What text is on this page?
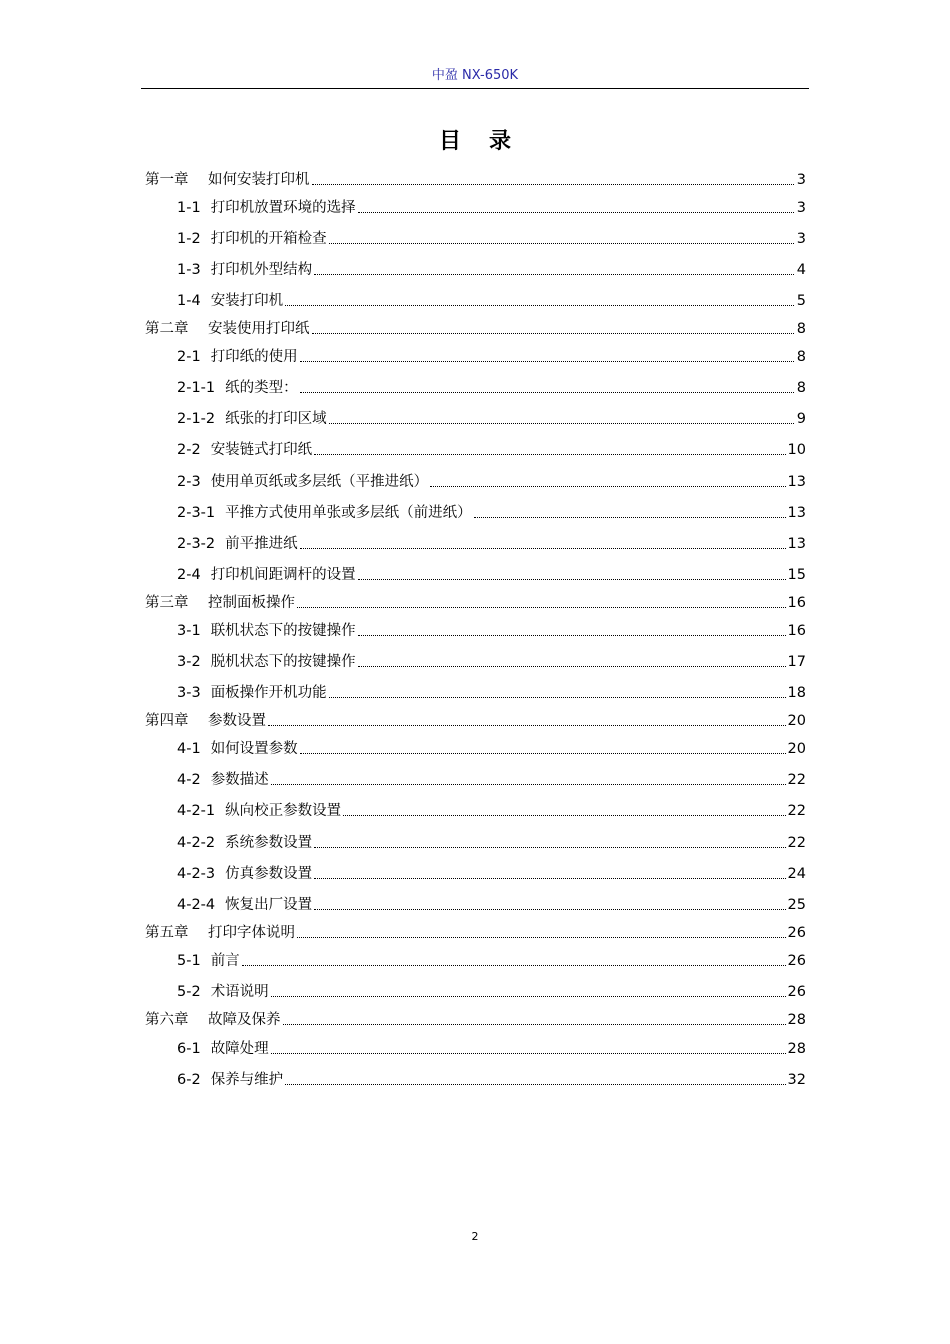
中盈 NX-650K
目录
第一章	如何安装打印机	3
1-1 打印机放置环境的选择	3
1-2 打印机的开箱检查	3
1-3 打印机外型结构	4
1-4 安装打印机	5
第二章	安装使用打印纸	8
2-1 打印纸的使用	8
2-1-1 纸的类型：	8
2-1-2 纸张的打印区域	9
2-2 安装链式打印纸	10
2-3 使用单页纸或多层纸（平推进纸）	13
2-3-1 平推方式使用单张或多层纸（前进纸）	13
2-3-2 前平推进纸	13
2-4 打印机间距调杆的设置	15
第三章	控制面板操作	16
3-1 联机状态下的按键操作	16
3-2 脱机状态下的按键操作	17
3-3 面板操作开机功能	18
第四章	参数设置	20
4-1 如何设置参数	20
4-2 参数描述	22
4-2-1 纵向校正参数设置	22
4-2-2 系统参数设置	22
4-2-3 仿真参数设置	24
4-2-4 恢复出厂设置	25
第五章	打印字体说明	26
5-1 前言	26
5-2 术语说明	26
第六章	故障及保养	28
6-1 故障处理	28
6-2 保养与维护	32
2
